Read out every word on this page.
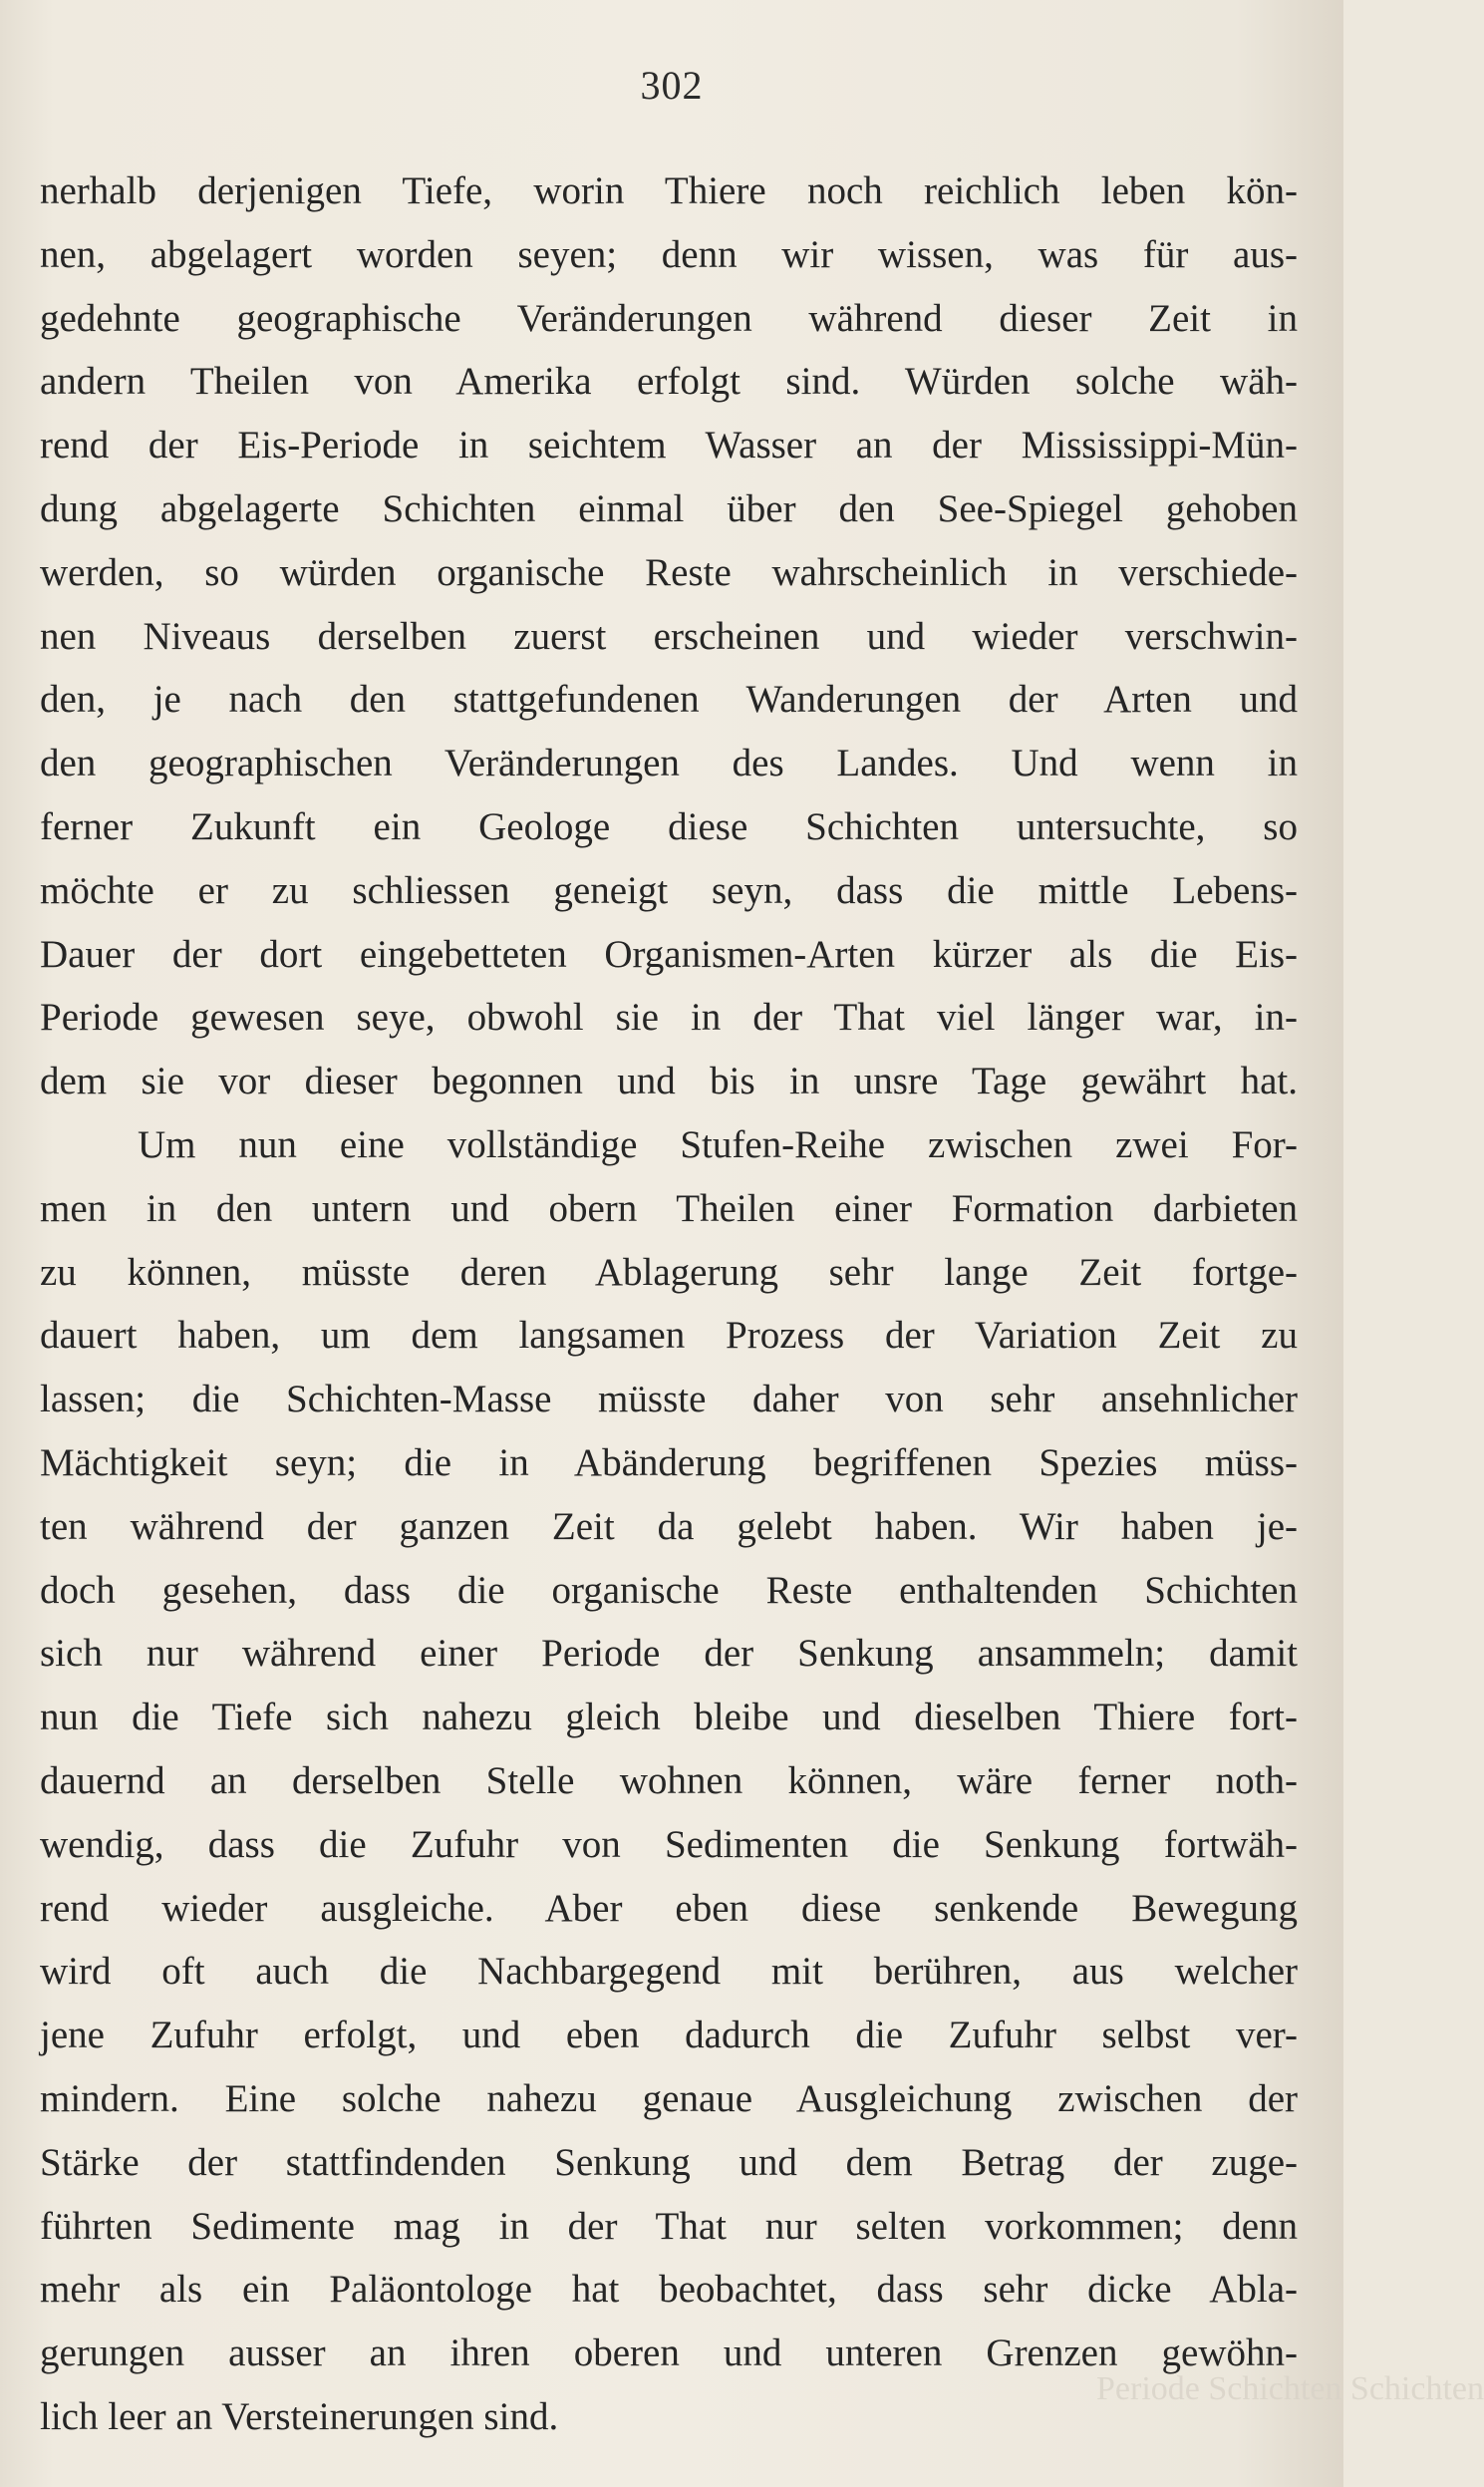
302
nerhalb derjenigen Tiefe, worin Thiere noch reichlich leben kön-
nen, abgelagert worden seyen; denn wir wissen, was für aus-
gedehnte geographische Veränderungen während dieser Zeit in
andern Theilen von Amerika erfolgt sind. Würden solche wäh-
rend der Eis-Periode in seichtem Wasser an der Mississippi-Mün-
dung abgelagerte Schichten einmal über den See-Spiegel gehoben
werden, so würden organische Reste wahrscheinlich in verschiede-
nen Niveaus derselben zuerst erscheinen und wieder verschwin-
den, je nach den stattgefundenen Wanderungen der Arten und
den geographischen Veränderungen des Landes. Und wenn in
ferner Zukunft ein Geologe diese Schichten untersuchte, so
möchte er zu schliessen geneigt seyn, dass die mittle Lebens-
Dauer der dort eingebetteten Organismen-Arten kürzer als die Eis-
Periode gewesen seye, obwohl sie in der That viel länger war, in-
dem sie vor dieser begonnen und bis in unsre Tage gewährt hat.
Um nun eine vollständige Stufen-Reihe zwischen zwei For-
men in den untern und obern Theilen einer Formation darbieten
zu können, müsste deren Ablagerung sehr lange Zeit fortge-
dauert haben, um dem langsamen Prozess der Variation Zeit zu
lassen; die Schichten-Masse müsste daher von sehr ansehnlicher
Mächtigkeit seyn; die in Abänderung begriffenen Spezies müss-
ten während der ganzen Zeit da gelebt haben. Wir haben je-
doch gesehen, dass die organische Reste enthaltenden Schichten
sich nur während einer Periode der Senkung ansammeln; damit
nun die Tiefe sich nahezu gleich bleibe und dieselben Thiere fort-
dauernd an derselben Stelle wohnen können, wäre ferner noth-
wendig, dass die Zufuhr von Sedimenten die Senkung fortwäh-
rend wieder ausgleiche. Aber eben diese senkende Bewegung
wird oft auch die Nachbargegend mit berühren, aus welcher
jene Zufuhr erfolgt, und eben dadurch die Zufuhr selbst ver-
mindern. Eine solche nahezu genaue Ausgleichung zwischen der
Stärke der stattfindenden Senkung und dem Betrag der zuge-
führten Sedimente mag in der That nur selten vorkommen; denn
mehr als ein Paläontologe hat beobachtet, dass sehr dicke Abla-
gerungen ausser an ihren oberen und unteren Grenzen gewöhn-
lich leer an Versteinerungen sind.
Periode Schichten Schichten
